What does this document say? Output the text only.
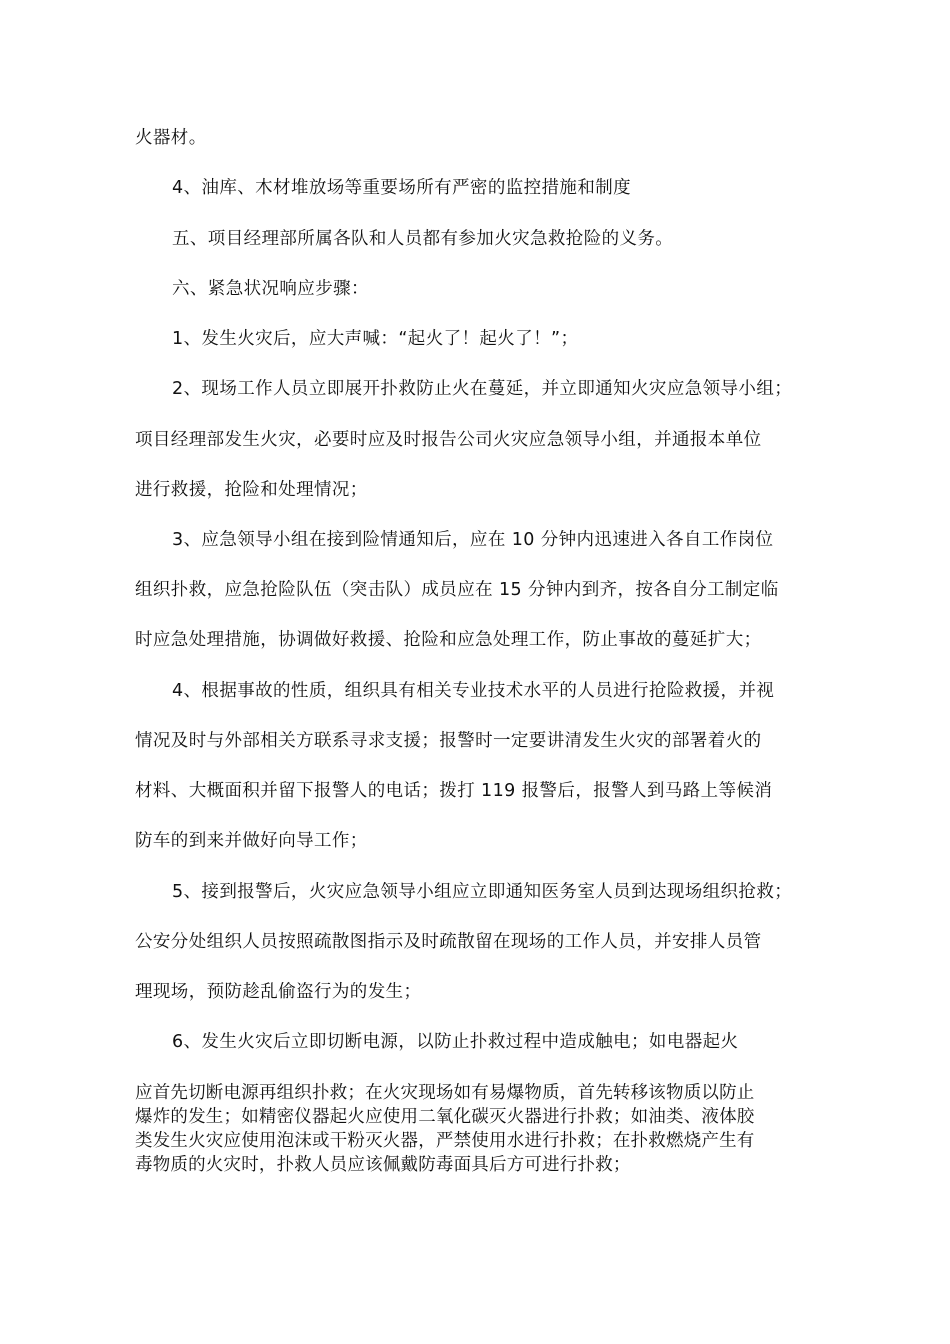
火器材。
4、油库、木材堆放场等重要场所有严密的监控措施和制度
五、项目经理部所属各队和人员都有参加火灾急救抢险的义务。
六、紧急状况响应步骤：
1、发生火灾后，应大声喊：“起火了！起火了！”；
2、现场工作人员立即展开扑救防止火在蔓延，并立即通知火灾应急领导小组；
项目经理部发生火灾，必要时应及时报告公司火灾应急领导小组，并通报本单位
进行救援，抢险和处理情况；
3、应急领导小组在接到险情通知后，应在 10 分钟内迅速进入各自工作岗位
组织扑救，应急抢险队伍（突击队）成员应在 15 分钟内到齐，按各自分工制定临
时应急处理措施，协调做好救援、抢险和应急处理工作，防止事故的蔓延扩大；
4、根据事故的性质，组织具有相关专业技术水平的人员进行抢险救援，并视
情况及时与外部相关方联系寻求支援；报警时一定要讲清发生火灾的部署着火的
材料、大概面积并留下报警人的电话；拨打 119 报警后，报警人到马路上等候消
防车的到来并做好向导工作；
5、接到报警后，火灾应急领导小组应立即通知医务室人员到达现场组织抢救；
公安分处组织人员按照疏散图指示及时疏散留在现场的工作人员，并安排人员管
理现场，预防趁乱偷盗行为的发生；
6、发生火灾后立即切断电源，以防止扑救过程中造成触电；如电器起火

应首先切断电源再组织扑救；在火灾现场如有易爆物质，首先转移该物质以防止

爆炸的发生；如精密仪器起火应使用二氧化碳灭火器进行扑救；如油类、液体胶

类发生火灾应使用泡沫或干粉灭火器，严禁使用水进行扑救；在扑救燃烧产生有

毒物质的火灾时，扑救人员应该佩戴防毒面具后方可进行扑救；
